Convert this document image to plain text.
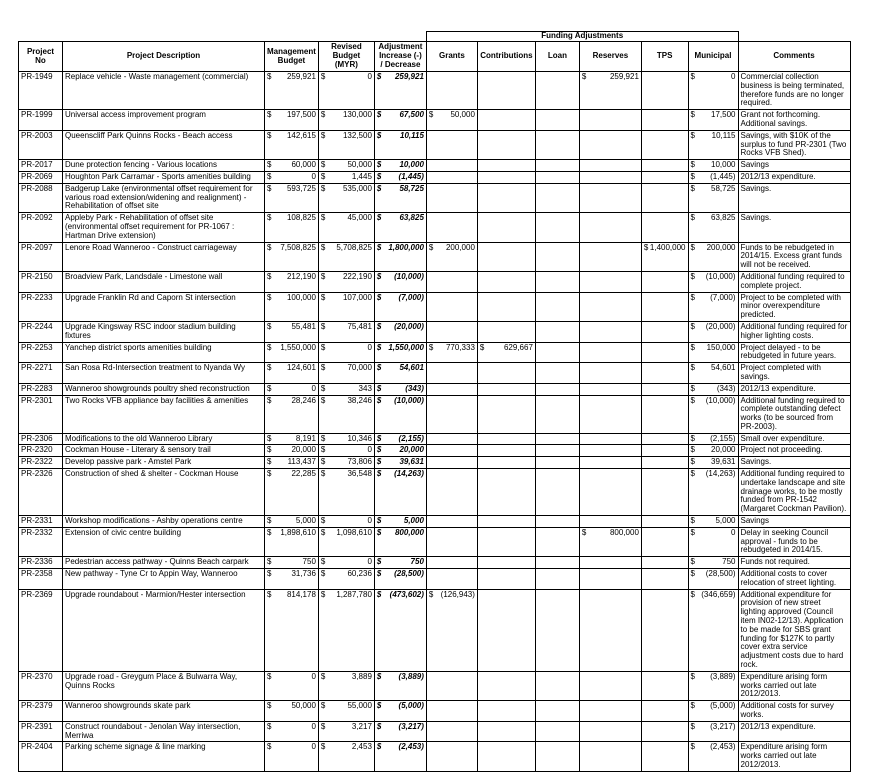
					Funding Adjustments						
Project No	Project Description	Management Budget	Revised Budget (MYR)	Adjustment Increase (-) / Decrease	Grants	Contributions	Loan	Reserves	TPS	Municipal	Comments
PR-1949	Replace vehicle - Waste management (commercial)	$ 259,921	$ 0	$ 259,921				$ 259,921		$ 0	Commercial collection business is being terminated, therefore funds are no longer required.
PR-1999	Universal access improvement program	$ 197,500	$ 130,000	$ 67,500	$ 50,000					$ 17,500	Grant not forthcoming. Additional savings.
PR-2003	Queenscliff Park Quinns Rocks - Beach access	$ 142,615	$ 132,500	$ 10,115						$ 10,115	Savings, with $10K of the surplus to fund PR-2301 (Two Rocks VFB Shed).
PR-2017	Dune protection fencing - Various locations	$ 60,000	$ 50,000	$ 10,000						$ 10,000	Savings
PR-2069	Houghton Park Carramar - Sports amenities building	$ 0	$ 1,445	$ (1,445)						$ (1,445)	2012/13 expenditure.
PR-2088	Badgerup Lake (environmental offset requirement for various road extension/widening and realignment) - Rehabilitation of offset site	$ 593,725	$ 535,000	$ 58,725						$ 58,725	Savings.
PR-2092	Appleby Park - Rehabilitation of offset site (environmental offset requirement for PR-1067 : Hartman Drive extension)	$ 108,825	$ 45,000	$ 63,825						$ 63,825	Savings.
PR-2097	Lenore Road Wanneroo - Construct carriageway	$ 7,508,825	$ 5,708,825	$ 1,800,000	$ 200,000				$ 1,400,000	$ 200,000	Funds to be rebudgeted in 2014/15. Excess grant funds will not be received.
PR-2150	Broadview Park, Landsdale - Limestone wall	$ 212,190	$ 222,190	$ (10,000)						$ (10,000)	Additional funding required to complete project.
PR-2233	Upgrade Franklin Rd and Caporn St intersection	$ 100,000	$ 107,000	$ (7,000)						$ (7,000)	Project to be completed with minor overexpenditure predicted.
PR-2244	Upgrade Kingsway RSC indoor stadium building fixtures	$ 55,481	$ 75,481	$ (20,000)						$ (20,000)	Additional funding required for higher lighting costs.
PR-2253	Yanchep district sports amenities building	$ 1,550,000	$ 0	$ 1,550,000	$ 770,333	$ 629,667				$ 150,000	Project delayed - to be rebudgeted in future years.
PR-2271	San Rosa Rd-Intersection treatment to Nyanda Wy	$ 124,601	$ 70,000	$ 54,601						$ 54,601	Project completed with savings.
PR-2283	Wanneroo showgrounds poultry shed reconstruction	$ 0	$ 343	$ (343)						$ (343)	2012/13 expenditure.
PR-2301	Two Rocks VFB appliance bay facilities & amenities	$ 28,246	$ 38,246	$ (10,000)						$ (10,000)	Additional funding required to complete outstanding defect works (to be sourced from PR-2003).
PR-2306	Modifications to the old Wanneroo Library	$ 8,191	$ 10,346	$ (2,155)						$ (2,155)	Small over expenditure.
PR-2320	Cockman House - Literary & sensory trail	$ 20,000	$ 0	$ 20,000						$ 20,000	Project not proceeding.
PR-2322	Develop passive park - Amstel Park	$ 113,437	$ 73,806	$ 39,631						$ 39,631	Savings.
PR-2326	Construction of shed & shelter - Cockman House	$ 22,285	$ 36,548	$ (14,263)						$ (14,263)	Additional funding required to undertake landscape and site drainage works, to be mostly funded from PR-1542 (Margaret Cockman Pavilion).
PR-2331	Workshop modifications - Ashby operations centre	$ 5,000	$ 0	$ 5,000						$ 5,000	Savings
PR-2332	Extension of civic centre building	$ 1,898,610	$ 1,098,610	$ 800,000				$ 800,000		$ 0	Delay in seeking Council approval - funds to be rebudgeted in 2014/15.
PR-2336	Pedestrian access pathway - Quinns Beach carpark	$ 750	$ 0	$ 750						$ 750	Funds not required.
PR-2358	New pathway - Tyne Cr to Appin Way, Wanneroo	$ 31,736	$ 60,236	$ (28,500)						$ (28,500)	Additional costs to cover relocation of street lighting.
PR-2369	Upgrade roundabout - Marmion/Hester intersection	$ 814,178	$ 1,287,780	$ (473,602)	$ (126,943)					$ (346,659)	Additional expenditure for provision of new street lighting approved (Council item IN02-12/13). Application to be made for SBS grant funding for $127K to partly cover extra service adjustment costs due to hard rock.
PR-2370	Upgrade road - Greygum Place & Bulwarra Way, Quinns Rocks	$ 0	$ 3,889	$ (3,889)						$ (3,889)	Expenditure arising form works carried out late 2012/2013.
PR-2379	Wanneroo showgrounds skate park	$ 50,000	$ 55,000	$ (5,000)						$ (5,000)	Additional costs for survey works.
PR-2391	Construct roundabout - Jenolan Way intersection, Merriwa	$ 0	$ 3,217	$ (3,217)						$ (3,217)	2012/13 expenditure.
PR-2404	Parking scheme signage & line marking	$ 0	$ 2,453	$ (2,453)						$ (2,453)	Expenditure arising form works carried out late 2012/2013.
